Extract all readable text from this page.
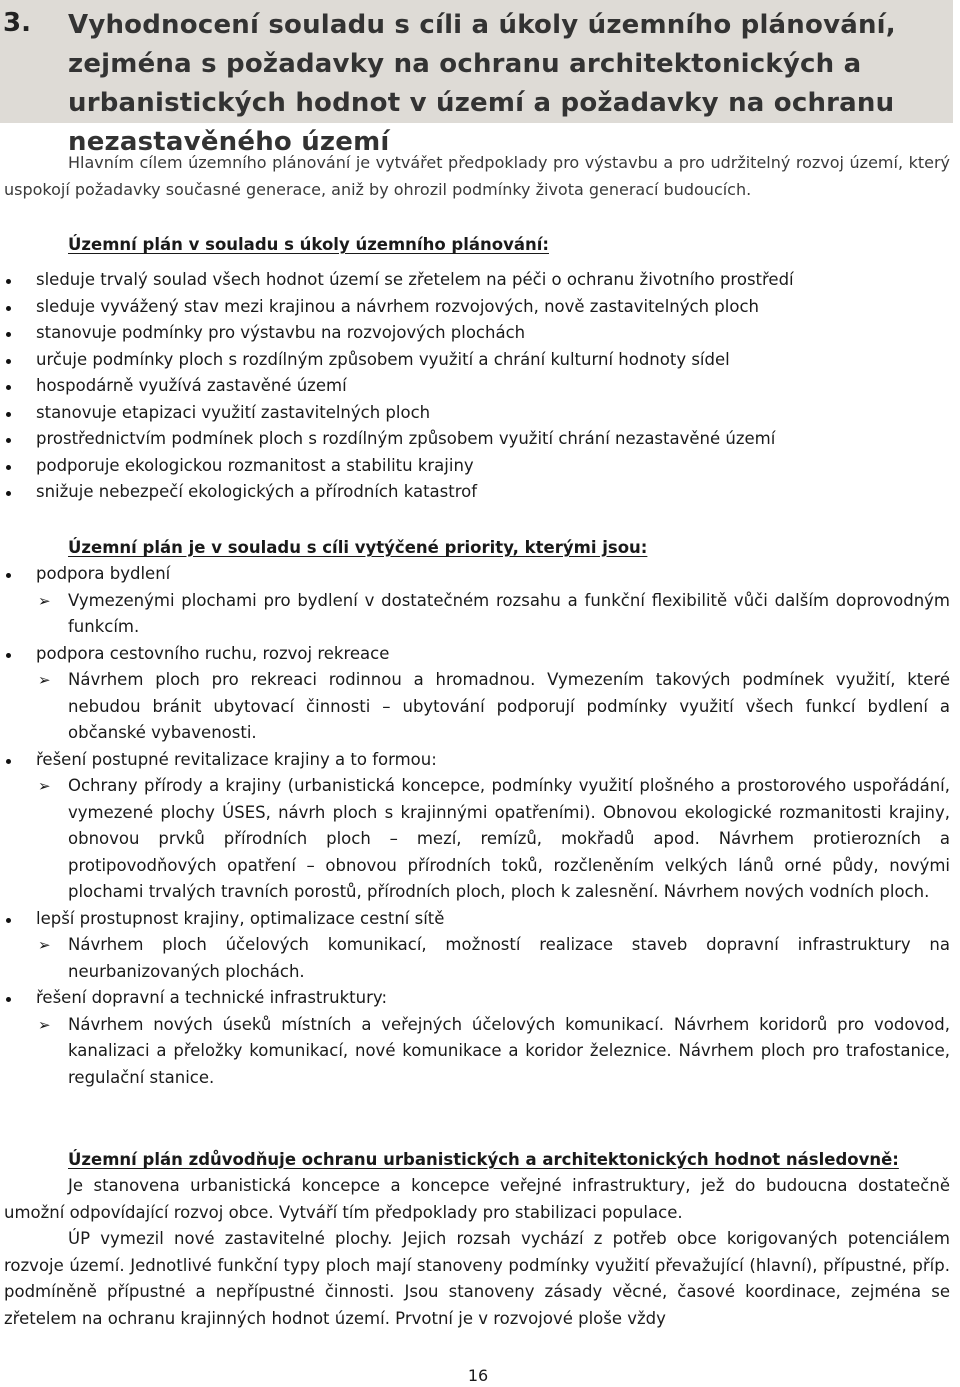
3. Vyhodnocení souladu s cíli a úkoly územního plánování, zejména s požadavky na ochranu architektonických a urbanistických hodnot v území a požadavky na ochranu nezastavěného území
Hlavním cílem územního plánování je vytvářet předpoklady pro výstavbu a pro udržitelný rozvoj území, který uspokojí požadavky současné generace, aniž by ohrozil podmínky života generací budoucích.
Územní plán v souladu s úkoly územního plánování:
sleduje trvalý soulad všech hodnot území se zřetelem na péči o ochranu životního prostředí
sleduje vyvážený stav mezi krajinou a návrhem rozvojových, nově zastavitelných ploch
stanovuje podmínky pro výstavbu na rozvojových plochách
určuje podmínky ploch s rozdílným způsobem využití a chrání kulturní hodnoty sídel
hospodárně využívá zastavěné území
stanovuje etapizaci využití zastavitelných ploch
prostřednictvím podmínek ploch s rozdílným způsobem využití chrání nezastavěné území
podporuje ekologickou rozmanitost a stabilitu krajiny
snižuje nebezpečí ekologických a přírodních katastrof
Územní plán je v souladu s cíli vytýčené priority, kterými jsou:
podpora bydlení
➢ Vymezenými plochami pro bydlení v dostatečném rozsahu a funkční flexibilitě vůči dalším doprovodným funkcím.
podpora cestovního ruchu, rozvoj rekreace
➢ Návrhem ploch pro rekreaci rodinnou a hromadnou. Vymezením takových podmínek využití, které nebudou bránit ubytovací činnosti – ubytování podporují podmínky využití všech funkcí bydlení a občanské vybavenosti.
řešení postupné revitalizace krajiny a to formou:
➢ Ochrany přírody a krajiny (urbanistická koncepce, podmínky využití plošného a prostorového uspořádání, vymezené plochy ÚSES, návrh ploch s krajinnými opatřeními). Obnovou ekologické rozmanitosti krajiny, obnovou prvků přírodních ploch – mezí, remízů, mokřadů apod. Návrhem protierozních a protipovodňových opatření – obnovou přírodních toků, rozčleněním velkých lánů orné půdy, novými plochami trvalých travních porostů, přírodních ploch, ploch k zalesnění. Návrhem nových vodních ploch.
lepší prostupnost krajiny, optimalizace cestní sítě
➢ Návrhem ploch účelových komunikací, možností realizace staveb dopravní infrastruktury na neurbanizovaných plochách.
řešení dopravní a technické infrastruktury:
➢ Návrhem nových úseků místních a veřejných účelových komunikací. Návrhem koridorů pro vodovod, kanalizaci a přeložky komunikací, nové komunikace a koridor železnice. Návrhem ploch pro trafostanice, regulační stanice.
Územní plán zdůvodňuje ochranu urbanistických a architektonických hodnot následovně:

Je stanovena urbanistická koncepce a koncepce veřejné infrastruktury, jež do budoucna dostatečně umožní odpovídající rozvoj obce. Vytváří tím předpoklady pro stabilizaci populace.

ÚP vymezil nové zastavitelné plochy. Jejich rozsah vychází z potřeb obce korigovaných potenciálem rozvoje území. Jednotlivé funkční typy ploch mají stanoveny podmínky využití převažující (hlavní), přípustné, příp. podmíněně přípustné a nepřípustné činnosti. Jsou stanoveny zásady věcné, časové koordinace, zejména se zřetelem na ochranu krajinných hodnot území. Prvotní je v rozvojové ploše vždy

16
